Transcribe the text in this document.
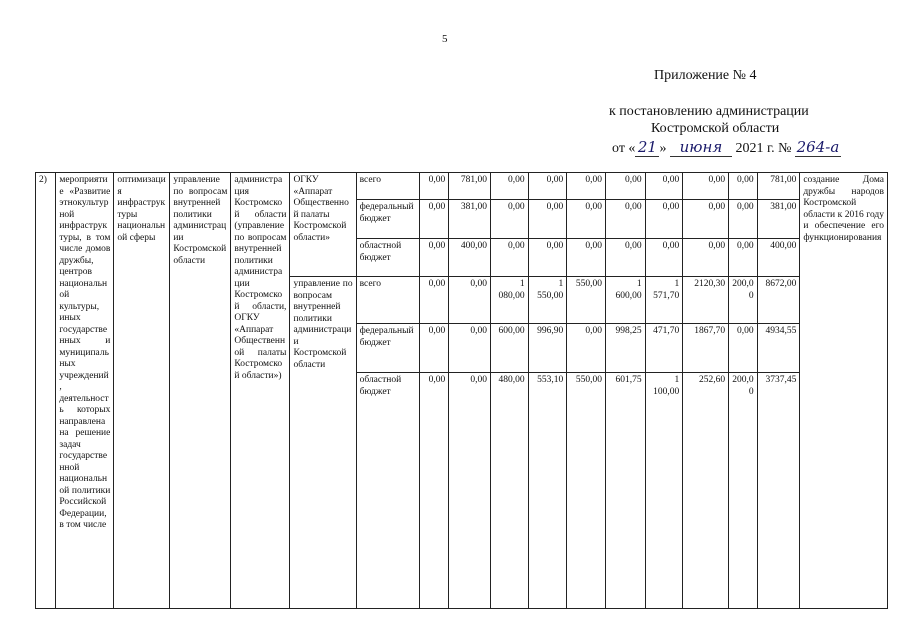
5
Приложение № 4
к постановлению администрации
Костромской области
от « 21 » июня 2021 г. № 264-а
2)	мероприятие «Развитие этнокультурной инфраструктуры, в том числе домов дружбы, центров национальной культуры, иных государственных и муниципальных учреждений, деятельность которых направлена на решение задач государственной национальной политики Российской Федерации, в том числе	оптимизация инфраструктуры национальной сферы	управление по вопросам внутренней политики администрации Костромской области	администрация Костромской области (управление по вопросам внутренней политики администрации Костромской области, ОГКУ «Аппарат Общественной палаты Костромской области»)	ОГКУ «Аппарат Общественной палаты Костромской области»	всего	0,00	781,00	0,00	0,00	0,00	0,00	0,00	0,00	0,00	781,00	создание Дома дружбы народов Костромской области к 2016 году и обеспечение его функционирования
						федеральный бюджет	0,00	381,00	0,00	0,00	0,00	0,00	0,00	0,00	0,00	381,00	
						областной бюджет	0,00	400,00	0,00	0,00	0,00	0,00	0,00	0,00	0,00	400,00	
					управление по вопросам внутренней политики администрации Костромской области	всего	0,00	0,00	1 080,00	1 550,00	550,00	1 600,00	1 571,70	2120,30	200,00	8672,00	
						федеральный бюджет	0,00	0,00	600,00	996,90	0,00	998,25	471,70	1867,70	0,00	4934,55	
						областной бюджет	0,00	0,00	480,00	553,10	550,00	601,75	1 100,00	252,60	200,00	3737,45	
